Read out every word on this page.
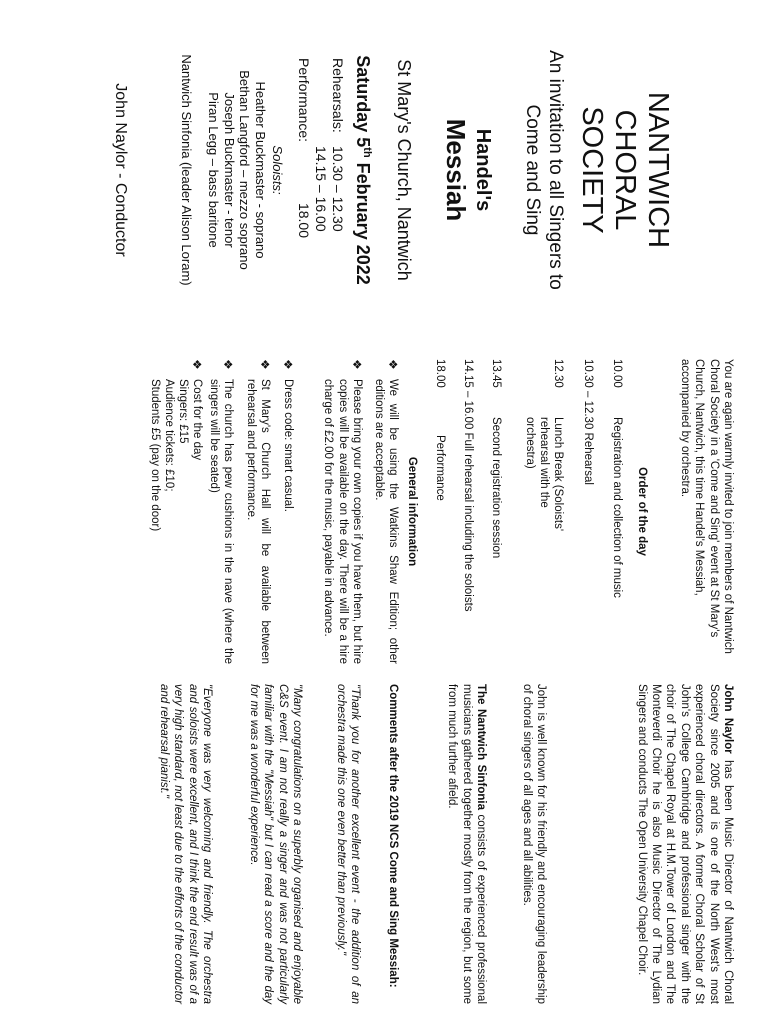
NANTWICH
CHORAL
SOCIETY
An invitation to all Singers to
Come and Sing
Handel's
Messiah
St Mary's Church, Nantwich
Saturday 5th February 2022
Rehearsals:
10.30 – 12.30
14.15 – 16.00
Performance:
18.00
Soloists:
Heather Buckmaster - soprano
Bethan Langford – mezzo soprano
Joseph Buckmaster - tenor
Piran Legg – bass baritone
Nantwich Sinfonia (leader Alison Loram)
John Naylor - Conductor
You are again warmly invited to join members of Nantwich Choral Society in a 'Come and Sing' event at St Mary's Church, Nantwich, this time Handel's Messiah, accompanied by orchestra.
Order of the day
10.00
Registration and collection of music
10.30 – 12.30 Rehearsal
12.30
Lunch Break (Soloists' rehearsal with the orchestra)
13.45
Second registration session
14.15 – 16.00 Full rehearsal including the soloists
18.00
Performance
General information
❖
We will be using the Watkins Shaw Edition; other editions are acceptable.
❖
Please bring your own copies if you have them, but hire copies will be available on the day. There will be a hire charge of £2.00 for the music, payable in advance.
❖
Dress code: smart casual.
❖
St Mary's Church Hall will be available between rehearsal and performance.
❖
The church has pew cushions in the nave (where the singers will be seated)
❖
Cost for the day
Singers: £15
Audience tickets: £10;
Students £5 (pay on the door)
John Naylor has been Music Director of Nantwich Choral Society since 2005 and is one of the North West's most experienced choral directors. A former Choral Scholar of St John's College Cambridge and professional singer with the choir of The Chapel Royal at H.M.Tower of London and The Monteverdi Choir he is also Music Director of The Lydian Singers and conducts The Open University Chapel Choir.
John is well known for his friendly and encouraging leadership of choral singers of all ages and all abilities.
The Nantwich Sinfonia consists of experienced professional musicians gathered together mostly from the region, but some from much further afield.
Comments after the 2019 NCS Come and Sing Messiah:
"Thank you for another excellent event - the addition of an orchestra made this one even better than previously."
"Many congratulations on a superbly organised and enjoyable C&S event. I am not really a singer and was not particularly familiar with the "Messiah" but I can read a score and the day for me was a wonderful experience.
"Everyone was very welcoming and friendly. The orchestra and soloists were excellent, and I think the end result was of a very high standard, not least due to the efforts of the conductor and rehearsal pianist."
